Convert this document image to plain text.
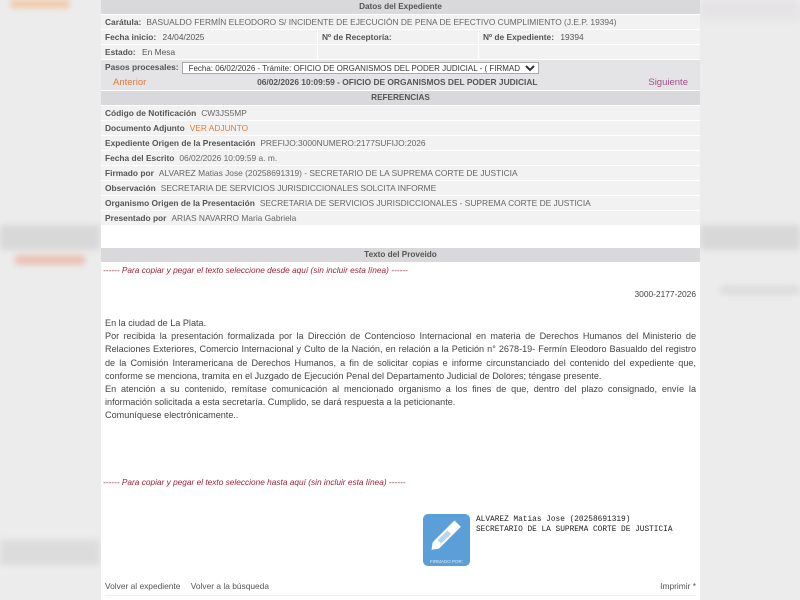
Datos del Expediente
Carátula: BASUALDO FERMÍN ELEODORO S/ INCIDENTE DE EJECUCIÓN DE PENA DE EFECTIVO CUMPLIMIENTO (J.E.P. 19394)
Fecha inicio: 24/04/2025	Nº de Receptoría:	Nº de Expediente: 19394
Estado: En Mesa
Pasos procesales:
Fecha: 06/02/2026 - Trámite: OFICIO DE ORGANISMOS DEL PODER JUDICIAL - ( FIRMADO )
Anterior	06/02/2026 10:09:59 - OFICIO DE ORGANISMOS DEL PODER JUDICIAL	Siguiente
REFERENCIAS
Código de Notificación CW3JS5MP
Documento Adjunto VER ADJUNTO
Expediente Origen de la Presentación PREFIJO:3000NUMERO:2177SUFIJO:2026
Fecha del Escrito 06/02/2026 10:09:59 a. m.
Firmado por ALVAREZ Matias Jose (20258691319) - SECRETARIO DE LA SUPREMA CORTE DE JUSTICIA
Observación SECRETARIA DE SERVICIOS JURISDICCIONALES SOLCITA INFORME
Organismo Origen de la Presentación SECRETARIA DE SERVICIOS JURISDICCIONALES - SUPREMA CORTE DE JUSTICIA
Presentado por ARIAS NAVARRO Maria Gabriela
Texto del Proveido
------ Para copiar y pegar el texto seleccione desde aquí (sin incluir esta línea) ------
3000-2177-2026

En la ciudad de La Plata.

Por recibida la presentación formalizada por la Dirección de Contencioso Internacional en materia de Derechos Humanos del Ministerio de Relaciones Exteriores, Comercio Internacional y Culto de la Nación, en relación a la Petición n° 2678-19- Fermín Eleodoro Basualdo del registro de la Comisión Interamericana de Derechos Humanos, a fin de solicitar copias e informe circunstanciado del contenido del expediente que, conforme se menciona, tramita en el Juzgado de Ejecución Penal del Departamento Judicial de Dolores; téngase presente.

En atención a su contenido, remítase comunicación al mencionado organismo a los fines de que, dentro del plazo consignado, envíe la información solicitada a esta secretaría. Cumplido, se dará respuesta a la peticionante.

Comuníquese electrónicamente..

------ Para copiar y pegar el texto seleccione hasta aquí (sin incluir esta línea) ------
FIRMADO POR:
ALVAREZ Matias Jose (20258691319)
SECRETARIO DE LA SUPREMA CORTE DE JUSTICIA
Volver al expediente Volver a la búsqueda	Imprimir *
